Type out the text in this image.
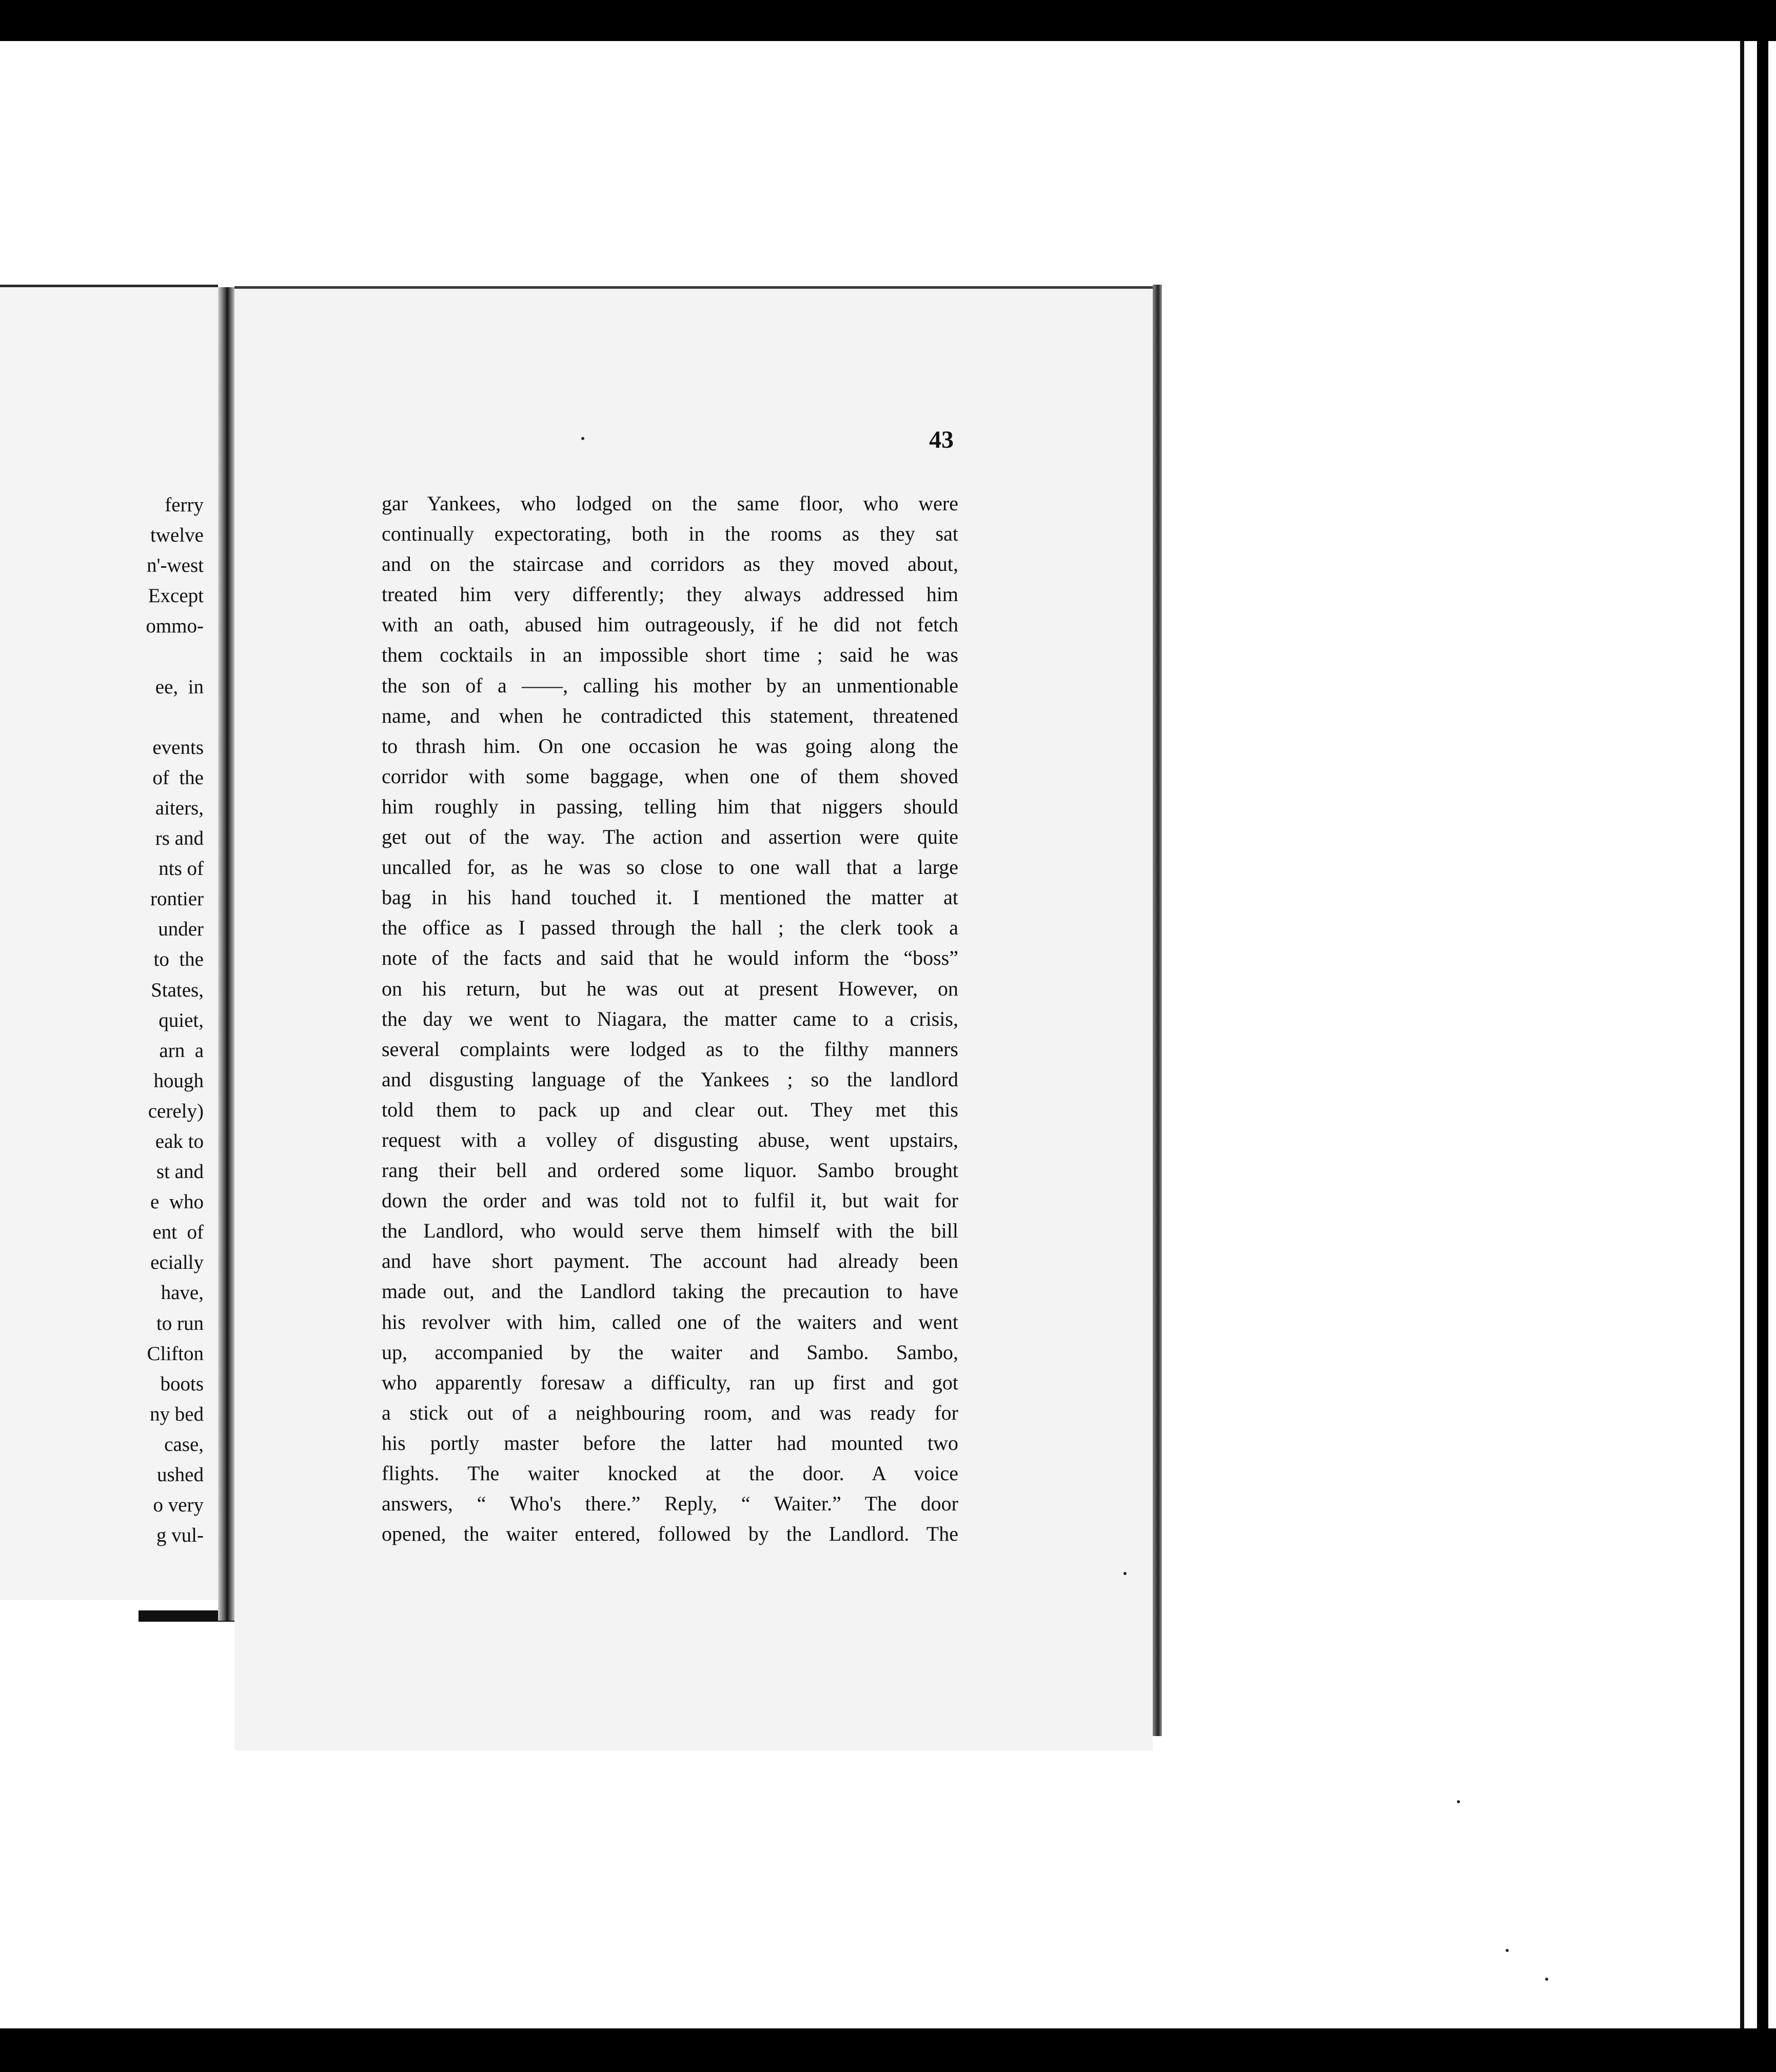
ferry
twelve
n'-west
Except
ommo-
ee,  in
events
of  the
aiters,
rs and
nts of
rontier
under
to  the
States,
quiet,
arn  a
hough
cerely)
eak to
st and
e  who
ent  of
ecially
have,
to run
Clifton
boots
ny bed
case,
ushed
o very
g vul-
43
gar Yankees, who lodged on the same floor, who were
continually expectorating, both in the rooms as they sat
and on the staircase and corridors as they moved about,
treated him very differently; they always addressed him
with an oath, abused him outrageously, if he did not fetch
them cocktails in an impossible short time ; said he was
the son of a ——, calling his mother by an unmentionable
name, and when he contradicted this statement, threatened
to thrash him. On one occasion he was going along the
corridor with some baggage, when one of them shoved
him roughly in passing, telling him that niggers should
get out of the way. The action and assertion were quite
uncalled for, as he was so close to one wall that a large
bag in his hand touched it. I mentioned the matter at
the office as I passed through the hall ; the clerk took a
note of the facts and said that he would inform the “boss”
on his return, but he was out at present However, on
the day we went to Niagara, the matter came to a crisis,
several complaints were lodged as to the filthy manners
and disgusting language of the Yankees ; so the landlord
told them to pack up and clear out. They met this
request with a volley of disgusting abuse, went upstairs,
rang their bell and ordered some liquor. Sambo brought
down the order and was told not to fulfil it, but wait for
the Landlord, who would serve them himself with the bill
and have short payment. The account had already been
made out, and the Landlord taking the precaution to have
his revolver with him, called one of the waiters and went
up, accompanied by the waiter and Sambo. Sambo,
who apparently foresaw a difficulty, ran up first and got
a stick out of a neighbouring room, and was ready for
his portly master before the latter had mounted two
flights. The waiter knocked at the door. A voice
answers, “ Who's there.” Reply, “ Waiter.” The door
opened, the waiter entered, followed by the Landlord. The
